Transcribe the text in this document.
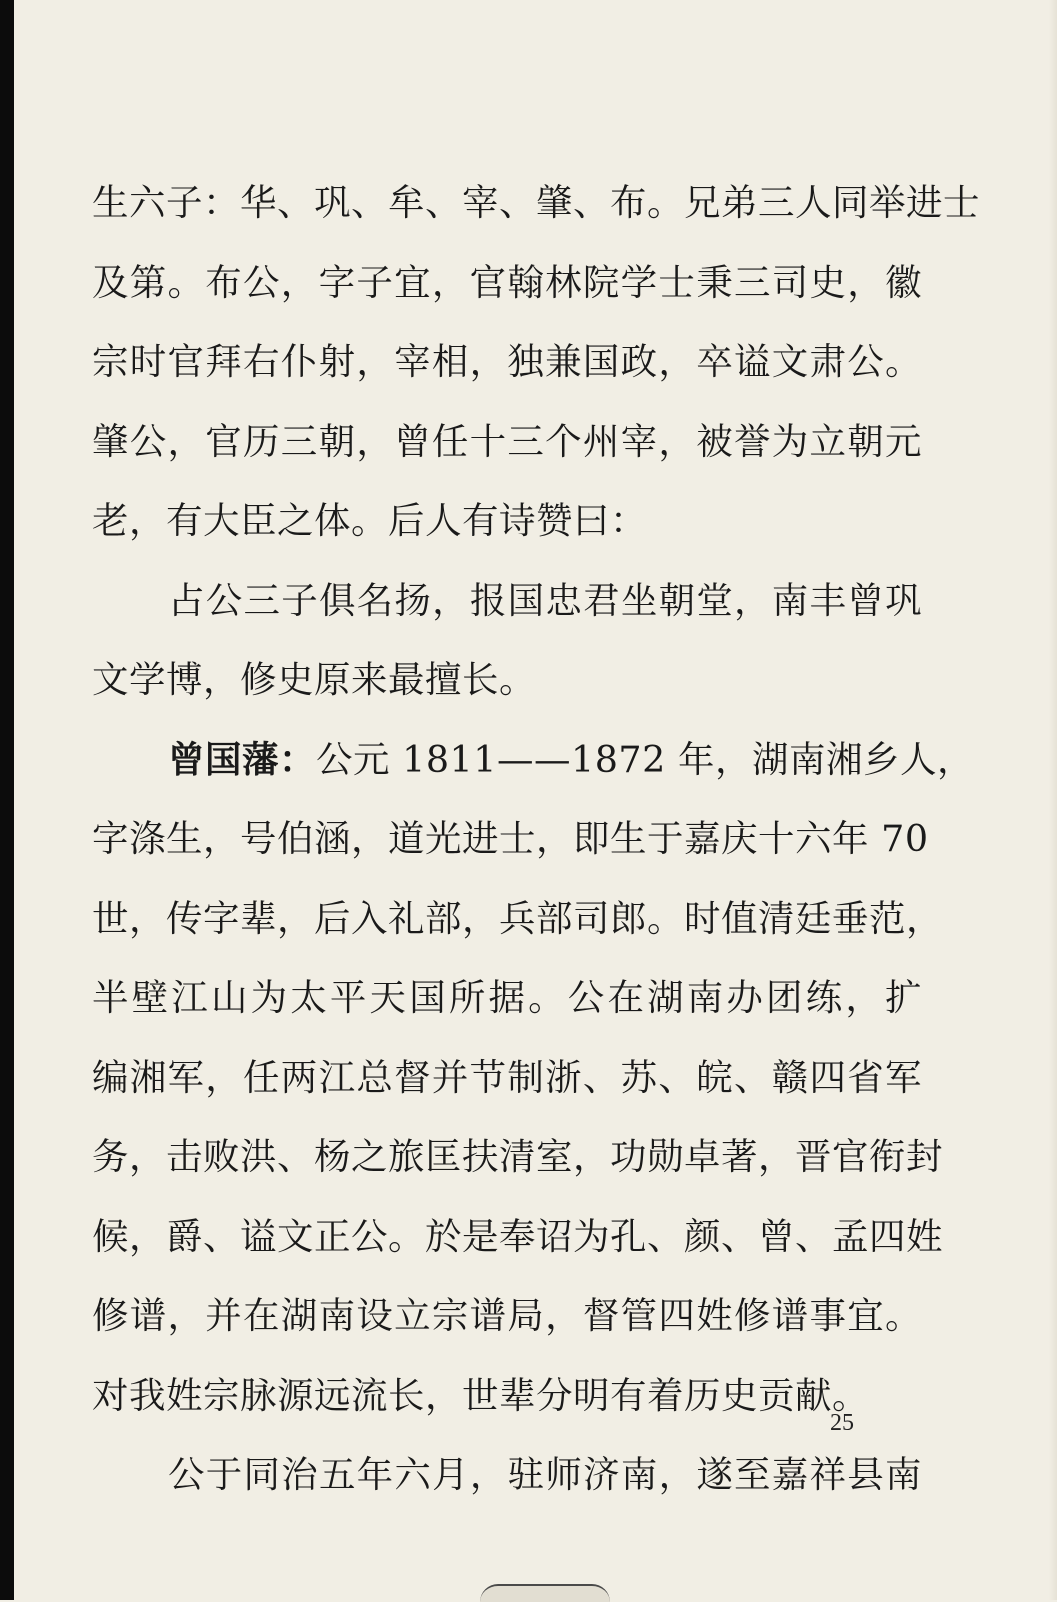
生六子：华、巩、牟、宰、肇、布。兄弟三人同举进士
及第。布公，字子宜，官翰林院学士秉三司史，徽
宗时官拜右仆射，宰相，独兼国政，卒谥文肃公。
肇公，官历三朝，曾任十三个州宰，被誉为立朝元
老，有大臣之体。后人有诗赞曰：
占公三子俱名扬，报国忠君坐朝堂，南丰曾巩
文学博，修史原来最擅长。
曾国藩：公元 1811——1872 年，湖南湘乡人，
字涤生，号伯涵，道光进士，即生于嘉庆十六年 70
世，传字辈，后入礼部，兵部司郎。时值清廷垂范，
半壁江山为太平天国所据。公在湖南办团练，扩
编湘军，任两江总督并节制浙、苏、皖、赣四省军
务，击败洪、杨之旅匡扶清室，功勋卓著，晋官衔封
候，爵、谥文正公。於是奉诏为孔、颜、曾、孟四姓
修谱，并在湖南设立宗谱局，督管四姓修谱事宜。
对我姓宗脉源远流长，世辈分明有着历史贡献。
公于同治五年六月，驻师济南，遂至嘉祥县南
25
